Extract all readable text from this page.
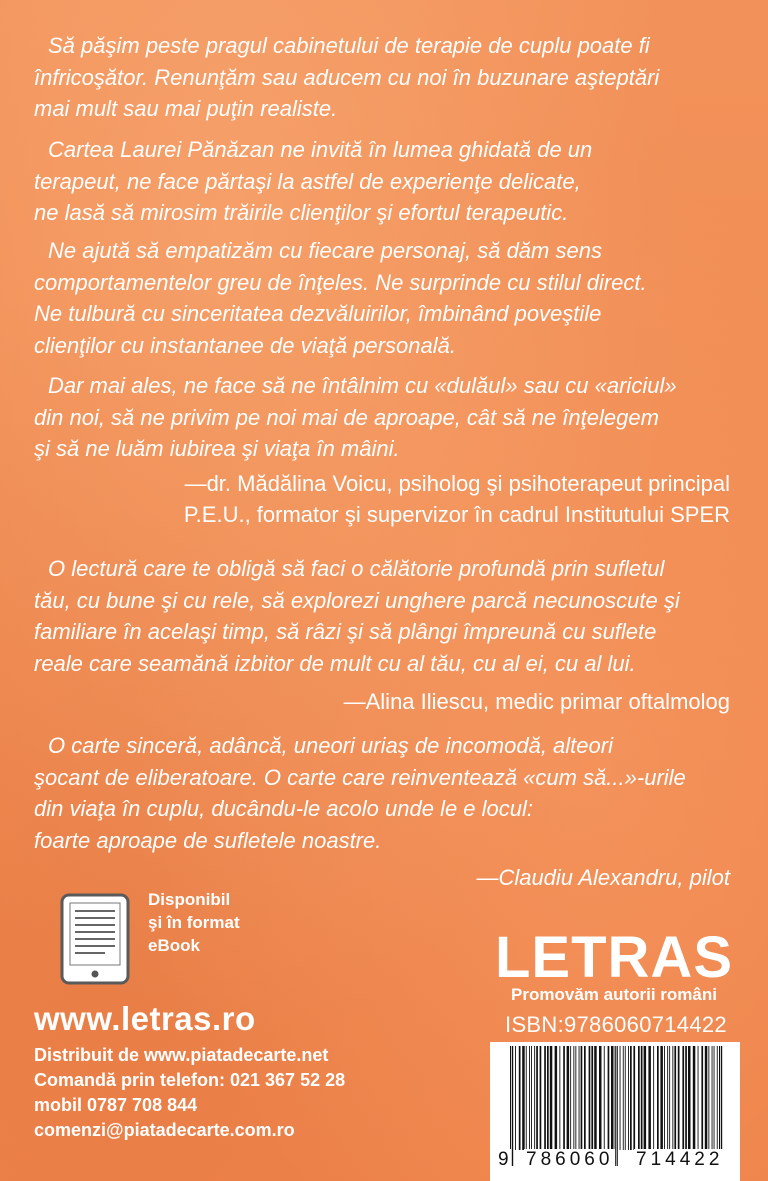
Să păşim peste pragul cabinetului de terapie de cuplu poate fi
înfricoşător. Renunţăm sau aducem cu noi în buzunare aşteptări
mai mult sau mai puţin realiste.

Cartea Laurei Pănăzan ne invită în lumea ghidată de un
terapeut, ne face părtaşi la astfel de experienţe delicate,
ne lasă să mirosim trăirile clienţilor şi efortul terapeutic.

Ne ajută să empatizăm cu fiecare personaj, să dăm sens
comportamentelor greu de înţeles. Ne surprinde cu stilul direct.
Ne tulbură cu sinceritatea dezvăluirilor, îmbinând poveştile
clienţilor cu instantanee de viaţă personală.

Dar mai ales, ne face să ne întâlnim cu «dulăul» sau cu «ariciul»
din noi, să ne privim pe noi mai de aproape, cât să ne înţelegem
şi să ne luăm iubirea şi viaţa în mâini.

—dr. Mădălina Voicu, psiholog şi psihoterapeut principal
P.E.U., formator şi supervizor în cadrul Institutului SPER

O lectură care te obligă să faci o călătorie profundă prin sufletul
tău, cu bune şi cu rele, să explorezi unghere parcă necunoscute şi
familiare în acelaşi timp, să râzi şi să plângi împreună cu suflete
reale care seamănă izbitor de mult cu al tău, cu al ei, cu al lui.

—Alina Iliescu, medic primar oftalmolog

O carte sinceră, adâncă, uneori uriaş de incomodă, alteori
şocant de eliberatoare. O carte care reinventează «cum să...»-urile
din viaţa în cuplu, ducându-le acolo unde le e locul:
foarte aproape de sufletele noastre.

—Claudiu Alexandru, pilot

Disponibil
şi în format
eBook

www.letras.ro

Distribuit de www.piatadecarte.net
Comandă prin telefon: 021 367 52 28
mobil 0787 708 844
comenzi@piatadecarte.com.ro

LETRAS

Promovăm autorii români

ISBN:9786060714422

9 786060 714422
